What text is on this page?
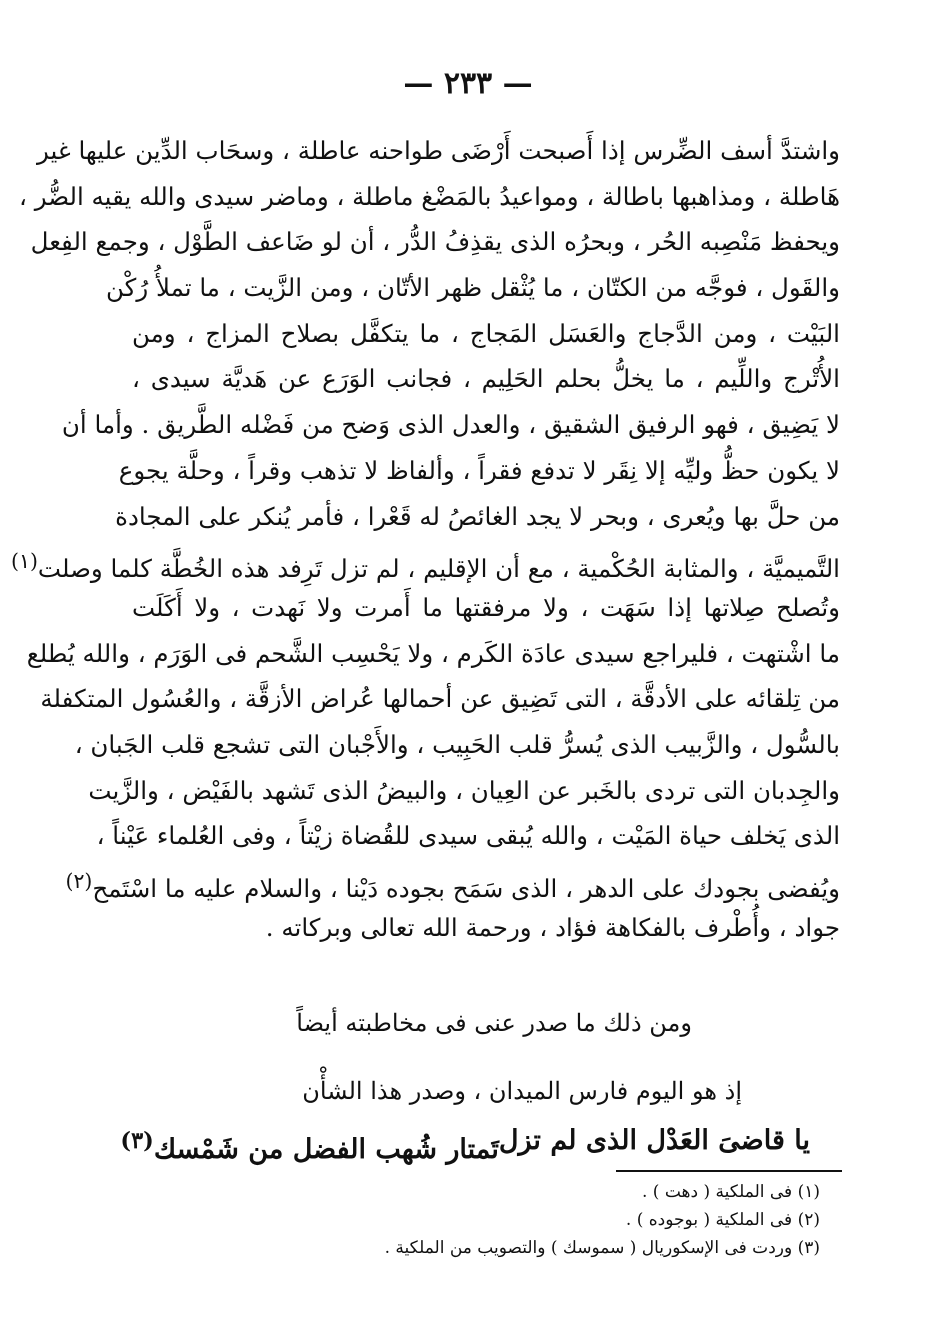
— ٢٣٣ —
واشتدَّ أسف الضِّرس إذا أَصبحت أَرْضَى طواحنه عاطلة ، وسحَاب الدِّين عليها غير
هَاطلة ، ومذاهبها باطالة ، ومواعيدُ بالمَضْغ ماطلة ، وماضر سيدى والله يقيه الضُّر ،
ويحفظ مَنْصِبه الحُر ، وبحرُه الذى يقذِفُ الدُّر ، أن لو ضَاعف الطَّوْل ، وجمع الفِعل
والقَول ، فوجَّه من الكتّان ، ما يُثْقل ظهر الأتّان ، ومن الزَّيت ، ما تملأُ رُكْن
البَيْت ، ومن الدَّجاج والعَسَل المَجاج ، ما يتكفَّل بصلاح المزاج ، ومن
الأُتْرج واللِّيم ، ما يخلُّ بحلم الحَلِيم ، فجانب الوَرَع عن هَديَّة سيدى ،
لا يَضِيق ، فهو الرفيق الشقيق ، والعدل الذى وَضح من فَضْله الطَّريق . وأما أن
لا يكون حظُّ وليِّه إلا نِقَر لا تدفع فقراً ، وألفاظ لا تذهب وقراً ، وحلَّة يجوع
من حلَّ بها ويُعرى ، وبحر لا يجد الغائصُ له قَعْرا ، فأمر يُنكر على المجادة
التَّميميَّة ، والمثابة الحُكْمية ، مع أن الإقليم ، لم تزل تَرِفد هذه الخُطَّة كلما وصلت$^{(١)}$
وتُصلح صِلاتها إذا سَهَت ، ولا مرفقتها ما أَمرت ولا نَهدت ، ولا أَكَلَت
ما اشْتهت ، فليراجع سيدى عادَة الكَرم ، ولا يَحْسِب الشَّحم فى الوَرَم ، والله يُطلع
من تِلقائه على الأدقَّة ، التى تَضِيق عن أحمالها عُراض الأزقَّة ، والعُسُول المتكفلة
بالسُّول ، والزَّبيب الذى يُسرُّ قلب الحَبِيب ، والأَجْبان التى تشجع قلب الجَبان ،
والجِدبان التى تردى بالخَبر عن العِيان ، والبيضُ الذى تَشهد بالفَيْض ، والزَّيت
الذى يَخلف حياة المَيْت ، والله يُبقى سيدى للقُضاة زيْتاً ، وفى العُلماء عَيْناً ،
ويُفضى بجودك على الدهر ، الذى سَمَح بجوده دَيْنا ، والسلام عليه ما اسْتَمح$^{(٢)}$
جواد ، وأُطْرف بالفكاهة فؤاد ، ورحمة الله تعالى وبركاته .
ومن ذلك ما صدر عنى فى مخاطبته أيضاً
إذ هو اليوم فارس الميدان ، وصدر هذا الشأْن
يا قاضىَ العَدْل الذى لم تزل
تَمتار شُهب الفضل من شَمْسك$^{(٣)}$
(١) فى الملكية ( دهت ) .
(٢) فى الملكية ( بوجوده ) .
(٣) وردت فى الإسكوريال ( سموسك ) والتصويب من الملكية .
